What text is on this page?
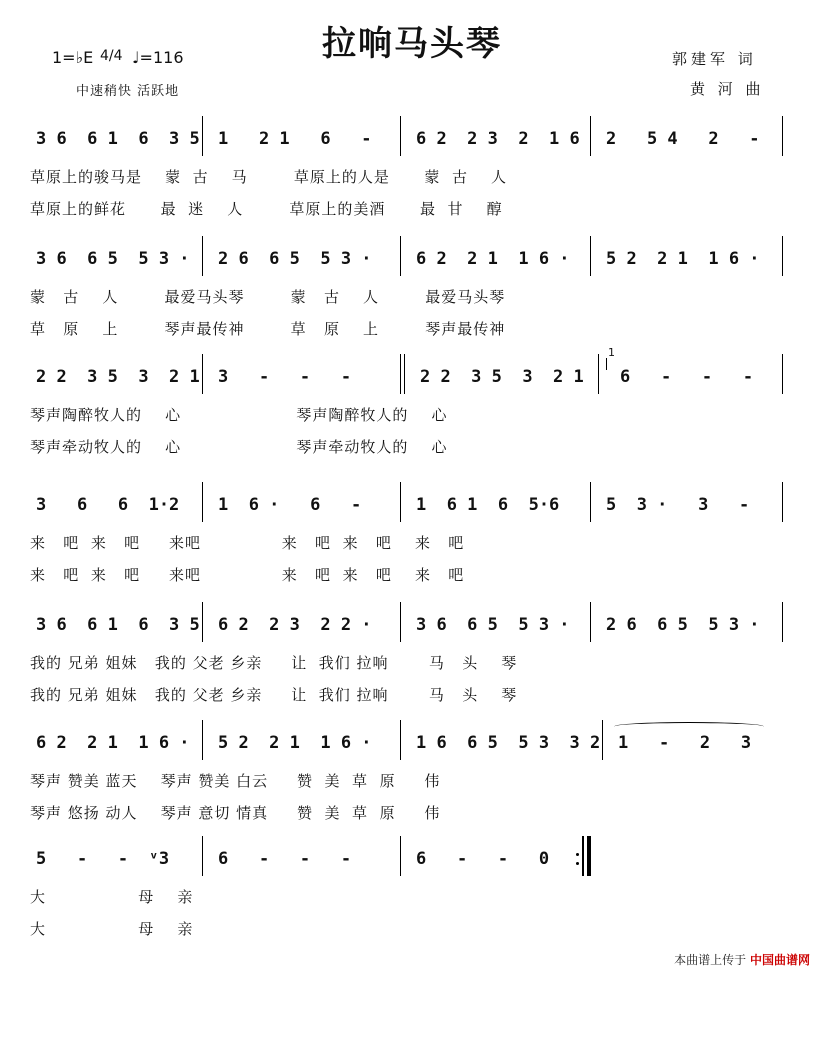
拉响马头琴
1=♭E 4/4 ♩=116
中速稍快 活跃地
郭建军 词
黄 河 曲

3 6  6 1  6  3 5

	1   2 1   6   -

	6 2  2 3  2  1 6

	2   5 4   2   -

草原上的骏马是    蒙  古    马        草原上的人是      蒙  古    人
草原上的鲜花      最  迷    人        草原上的美酒      最  甘    醇

3 6  6 5  5 3 ·

	2 6  6 5  5 3 ·

	6 2  2 1  1 6 ·

	5 2  2 1  1 6 ·

蒙   古    人        最爱马头琴        蒙   古    人        最爱马头琴
草   原    上        琴声最传神        草   原    上        琴声最传神

2 2  3 5  3  2 1

	3   -   -   -

	2 2  3 5  3  2 1

1

6   -   -   -

琴声陶醉牧人的    心                    琴声陶醉牧人的    心
琴声牵动牧人的    心                    琴声牵动牧人的    心

3   6   6  1·2

	1  6 ·   6   -

	1  6 1  6  5·6

	5  3 ·   3   -

来   吧  来   吧     来吧              来   吧  来   吧    来   吧
来   吧  来   吧     来吧              来   吧  来   吧    来   吧

3 6  6 1  6  3 5

	6 2  2 3  2 2 ·

	3 6  6 5  5 3 ·

	2 6  6 5  5 3 ·

我的 兄弟 姐妹   我的 父老 乡亲     让  我们 拉响       马   头    琴
我的 兄弟 姐妹   我的 父老 乡亲     让  我们 拉响       马   头    琴

6 2  2 1  1 6 ·

	5 2  2 1  1 6 ·

	1 6  6 5  5 3  3 2

	1   -   2   3

琴声 赞美 蓝天    琴声 赞美 白云     赞  美  草  原     伟
琴声 悠扬 动人    琴声 意切 情真     赞  美  草  原     伟

5   -   -  ᵛ3

	6   -   -   -

	6   -   -   0

大                母    亲
大                母    亲
本曲谱上传于 中国曲谱网
